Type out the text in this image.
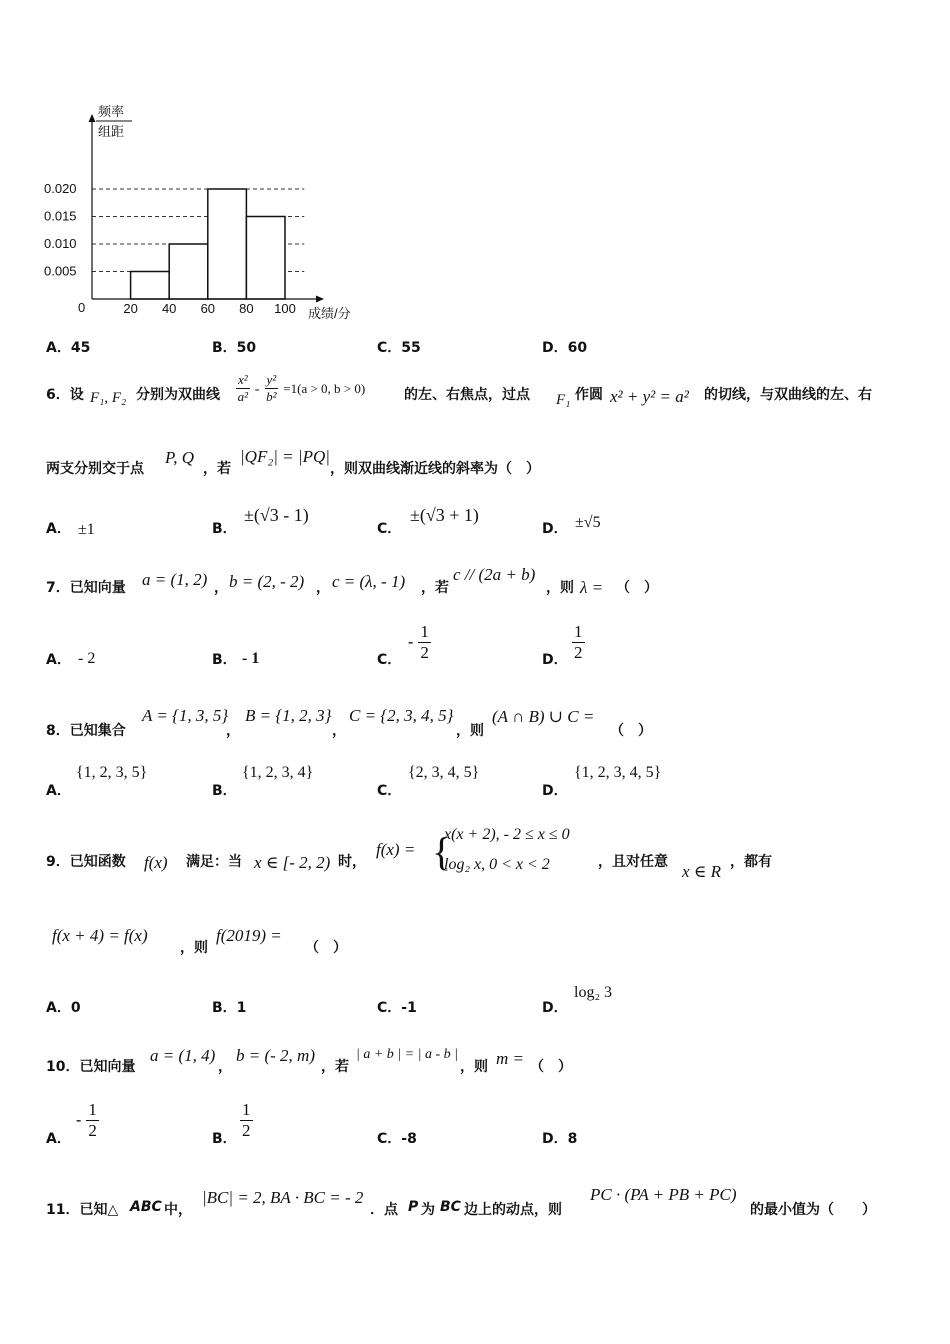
0.005
0.010
0.015
0.020
20 40 60 80 100
频率
组距
成绩/分
0
A．45	B．50	C．55	D．60
6．设 F₁, F₂ 分别为双曲线 $\frac{\text{x²}}{\text{a²}} - \frac{\text{y²}}{\text{b²}} =1(a > 0$, b > 0)	的左、右焦点，过点 F₁ 作圆 x² + y² = a² 的切线，与双曲线的左、右
两支分别交于点
P, Q
，若
|QF₂| = |PQ|
，则双曲线渐近线的斜率为（　）
A． ±1	B．
±(√3 - 1)
C．
±(√3 + 1)
D． ±√5
7．已知向量 a = (1, 2) ， b = (2, - 2) ， c = (λ, - 1) ，若
c // (2a + b)
，则 λ = （　）
A． - 2	B． - 1	C．
- $\frac{1}{2}$	D． $\frac{1}{2}$
8．已知集合
A = {1, 3, 5}
，
B = {1, 2, 3}
，
C = {2, 3, 4, 5}
，则
(A ∩ B) ∪ C =
（　）
A．
{1, 2, 3, 5}
B．
{1, 2, 3, 4}
C．
{2, 3, 4, 5}
D．
{1, 2, 3, 4, 5}
9．已知函数 f(x) 满足：当 x ∈ [- 2, 2) 时，
f(x) = {
x(x + 2), - 2 ≤ x ≤ 0
log₂ x, 0 < x < 2	，且对任意 x ∈ R ，都有
f(x + 4) = f(x)
，则
f(2019) =
（　）
A．0	B．1	C．-1	D．
log₂ 3
10．已知向量
a = (1, 4)
，
b = (- 2, m)
，若
| a + b | = | a - b |
，则 m = （　）
A．
- $\frac{1}{2}$	B． $\frac{1}{2}$	C．-8	D．8
11．已知△ ABC 中，
|BC| = 2, BA · BC = - 2
．点 P 为 BC 边上的动点，则
PC · (PA + PB + PC)
的最小值为（　　）
